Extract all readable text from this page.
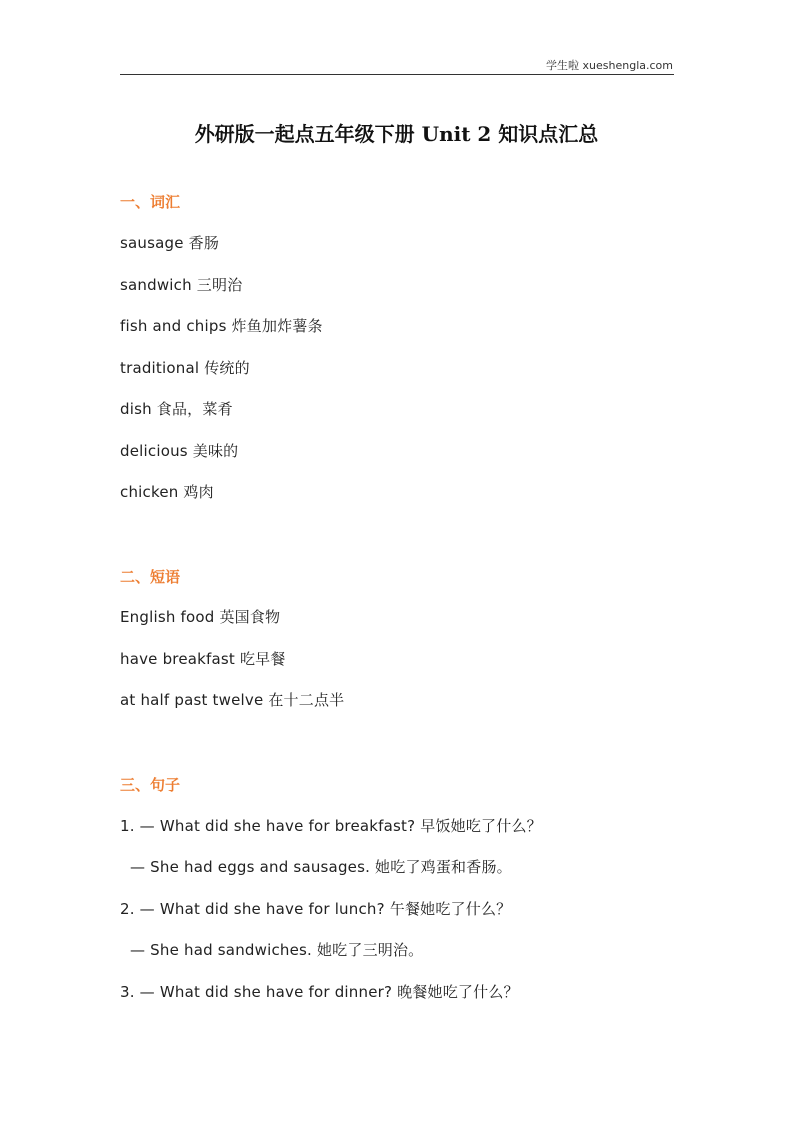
学生啦 xueshengla.com
外研版一起点五年级下册 Unit 2 知识点汇总
一、词汇
sausage 香肠
sandwich 三明治
fish and chips 炸鱼加炸薯条
traditional 传统的
dish 食品，菜肴
delicious 美味的
chicken 鸡肉
二、短语
English food 英国食物
have breakfast 吃早餐
at half past twelve 在十二点半
三、句子
1. — What did she have for breakfast? 早饭她吃了什么？
— She had eggs and sausages. 她吃了鸡蛋和香肠。
2. — What did she have for lunch? 午餐她吃了什么？
— She had sandwiches. 她吃了三明治。
3. — What did she have for dinner? 晚餐她吃了什么？
